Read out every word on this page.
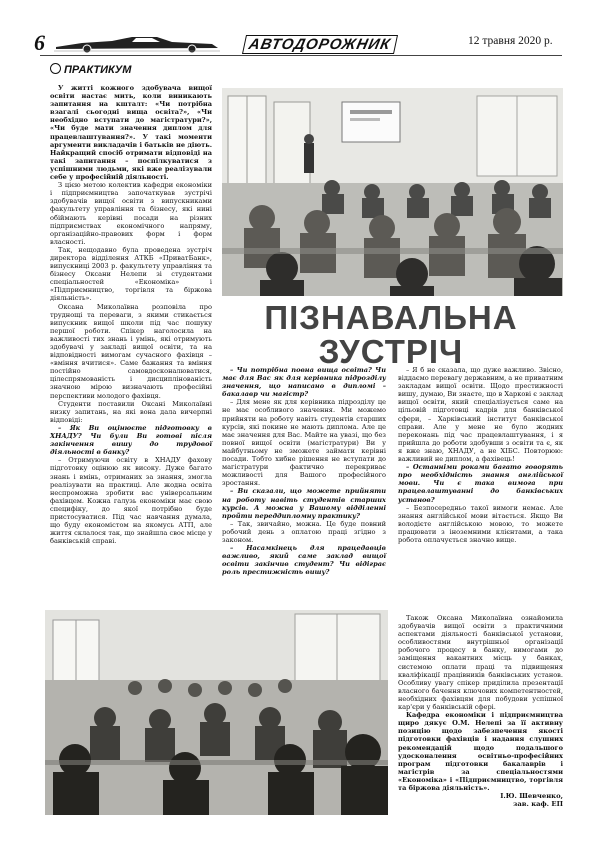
6	АВТОДОРОЖНИК	12 травня 2020 р.
ПРАКТИКУМ

У житті кожного здобувача вищої освіти настає мить, коли виникають запитання на кшталт: «Чи потрібна взагалі сьогодні вища освіта?», «Чи необхідно вступати до магістратури?», «Чи буде мати значення диплом для працевлаштування?». У такі моменти аргументи викладачів і батьків не діють. Найкращий спосіб отримати відповіді на такі запитання – поспілкуватися з успішними людьми, які вже реалізували себе у професійній діяльності.

З цією метою колектив кафедри економіки і підприємництва започаткував зустрічі здобувачів вищої освіти з випускниками факультету управління та бізнесу, які нині обіймають керівні посади на різних підприємствах економічного напряму, організаційно-правових форм і форм власності.

Так, нещодавно була проведена зустріч директора відділення АТКБ «ПриватБанк», випускниці 2003 р. факультету управління та бізнесу Оксани Нелепи зі студентами спеціальностей «Економіка» і «Підприємництво, торгівля та біржова діяльність».

Оксана Миколаївна розповіла про труднощі та переваги, з якими стикається випускник вищої школи під час пошуку першої роботи. Спікер наголосила на важливості тих знань і умінь, які отримують здобувачі у закладі вищої освіти, та на відповідності вимогам сучасного фахівця – «вміння вчитися». Саме бажання та вміння постійно самовдосконалюватися, цілеспрямованість і дисциплінованість значною мірою визначають професійні перспективи молодого фахівця.

Студенти поставили Оксані Миколаївні низку запитань, на які вона дала вичерпні відповіді:

– Як Ви оцінюєте підготовку в ХНАДУ? Чи були Ви готові після закінчення вишу до трудової діяльності в банку?

– Отримуючи освіту в ХНАДУ фахову підготовку оцінюю як високу. Дуже багато знань і вмінь, отриманих за знання, змогла реалізувати на практиці. Але жодна освіта неспроможна зробити вас універсальним фахівцем. Кожна галузь економіки має свою специфіку, до якої потрібно буде пристосуватися. Під час навчання думала, що буду економістом на якомусь АТП, але життя склалося так, що знайшла своє місце у банківській справі.

ПІЗНАВАЛЬНА
ЗУСТРІЧ

– Чи потрібна повна вища освіта? Чи має для Вас як для керівника підрозділу значення, що написано в дипломі – бакалавр чи магістр?

– Для мене як для керівника підрозділу це не має особливого значення. Ми можемо прийняти на роботу навіть студентів старших курсів, які покине не мають диплома. Але це має значення для Вас. Майте на увазі, що без повної вищої освіти (магістратури) Ви у майбутньому не зможете займати керівні посади. Тобто хибне рішення не вступати до магістратури фактично перекриває можливості для Вашого професійного зростання.

– Ви сказали, що можете прийняти на роботу навіть студентів старших курсів. А можна у Вашому відділенні пройти переддипломну практику?

– Так, звичайно, можна. Це буде повний робочий день з оплатою праці згідно з законом.

– Насамкінець для працедавців важливо, який саме заклад вищої освіти закінчив студент? Чи відіграє роль престижність вишу?

– Я б не сказала, що дуже важливо. Звісно, віддаємо перевагу державним, а не приватним закладам вищої освіти. Щодо престижності вишу, думаю, Ви знаєте, що в Харкові є заклад вищої освіти, який спеціалізується саме на цільовій підготовці кадрів для банківської сфери, – Харківський інститут банківської справи. Але у мене не було жодних переконань під час працевлаштування, і я прийшла до роботи здобувши з освіти та є, як я вже знаю, ХНАДУ, а не ХІБС. Повторюю: важливий не диплом, а фахівець!

– Останніми роками багато говорять про необхідність знання англійської мови. Чи є така вимога при працевлаштуванні до банківських установ?

– Безпосередньо такої вимоги немає. Але знання англійської мови вітається. Якщо Ви володієте англійською мовою, то можете працювати з іноземними клієнтами, а така робота оплачується значно вище.

Також Оксана Миколаївна ознайомила здобувачів вищої освіти з практичними аспектами діяльності банківської установи, особливостями внутрішньої організації робочого процесу в банку, вимогами до заміщення вакантних місць у банках, системою оплати праці та підвищення кваліфікації працівників банківських установ. Особливу увагу спікер приділила презентації власного бачення ключових компетентностей, необхідних фахівцям для побудови успішної кар'єри у банківській сфері.

Кафедра економіки і підприємництва щиро дякує О.М. Нелепі за її активну позицію щодо забезпечення якості підготовки фахівців і надання слушних рекомендацій щодо подальшого удосконалення освітньо-професійних програм підготовки бакалаврів і магістрів за спеціальностями «Економіка» і «Підприємництво, торгівля та біржова діяльність».

І.Ю. Шевченко,
зав. каф. ЕП
